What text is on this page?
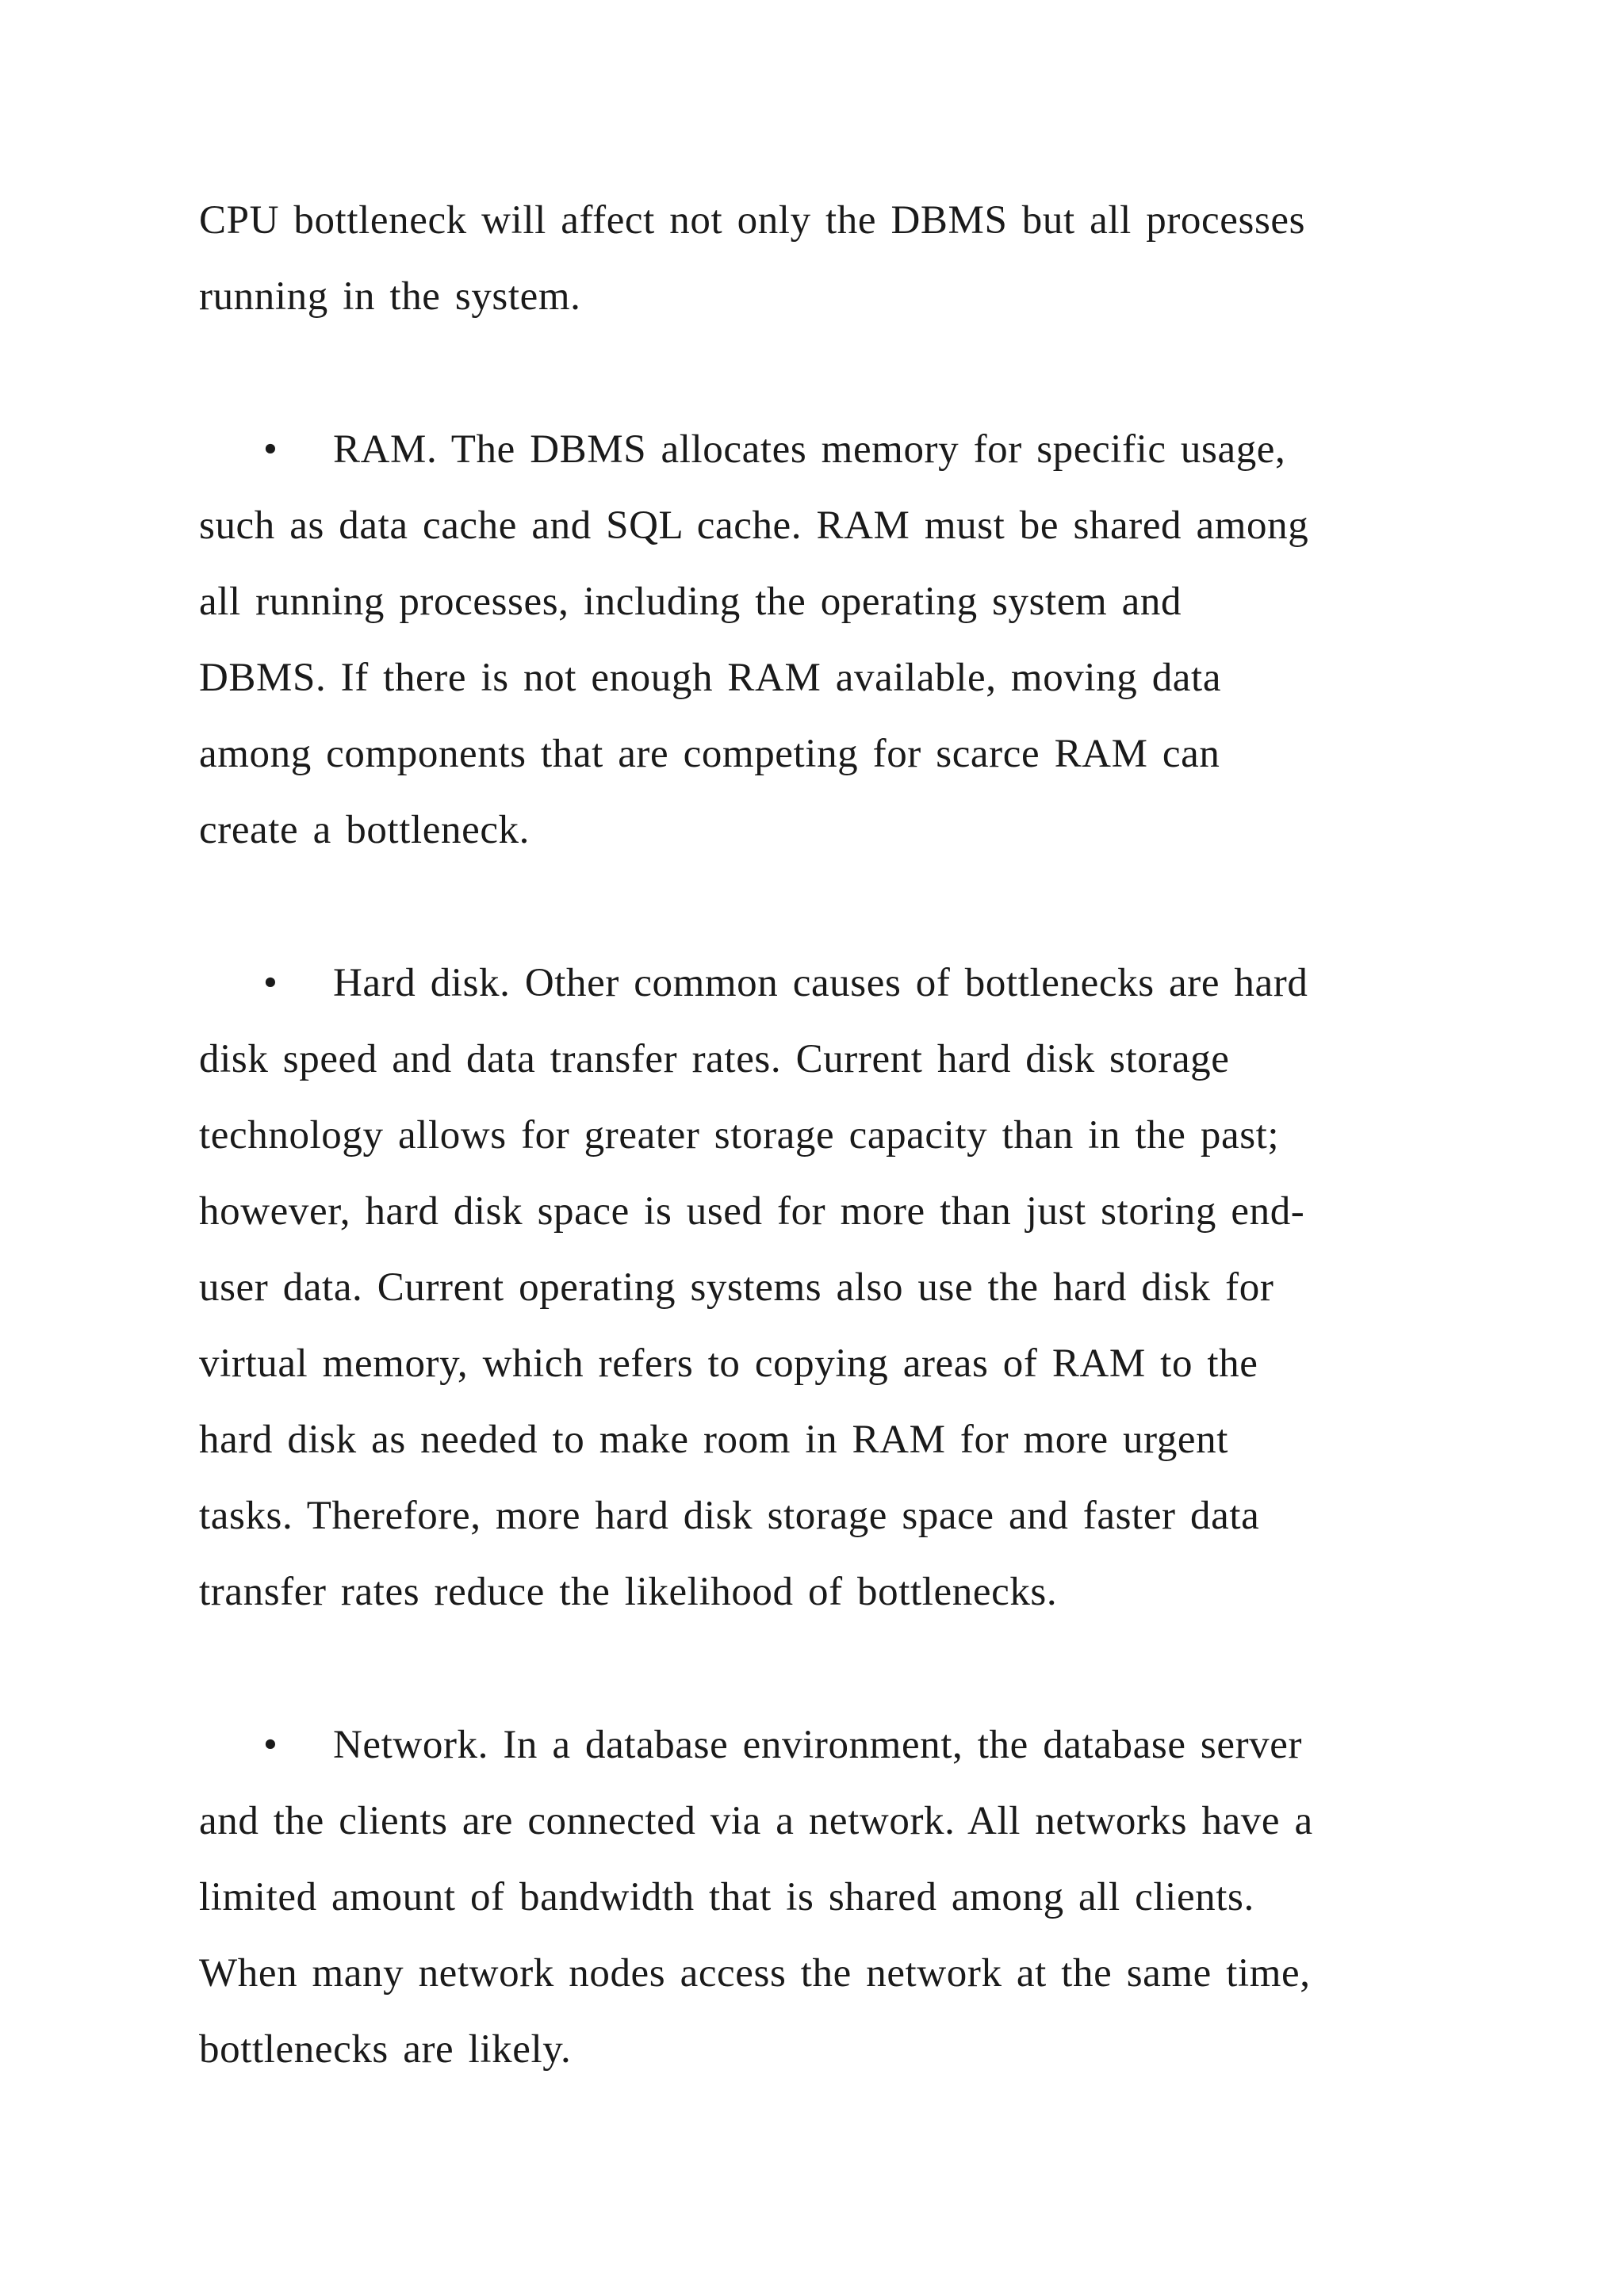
CPU bottleneck will affect not only the DBMS but all processes

running in the system.

• RAM. The DBMS allocates memory for specific usage,

such as data cache and SQL cache. RAM must be shared among

all running processes, including the operating system and

DBMS. If there is not enough RAM available, moving data

among components that are competing for scarce RAM can

create a bottleneck.

• Hard disk. Other common causes of bottlenecks are hard

disk speed and data transfer rates. Current hard disk storage

technology allows for greater storage capacity than in the past;

however, hard disk space is used for more than just storing end-

user data. Current operating systems also use the hard disk for

virtual memory, which refers to copying areas of RAM to the

hard disk as needed to make room in RAM for more urgent

tasks. Therefore, more hard disk storage space and faster data

transfer rates reduce the likelihood of bottlenecks.

• Network. In a database environment, the database server

and the clients are connected via a network. All networks have a

limited amount of bandwidth that is shared among all clients.

When many network nodes access the network at the same time,

bottlenecks are likely.
